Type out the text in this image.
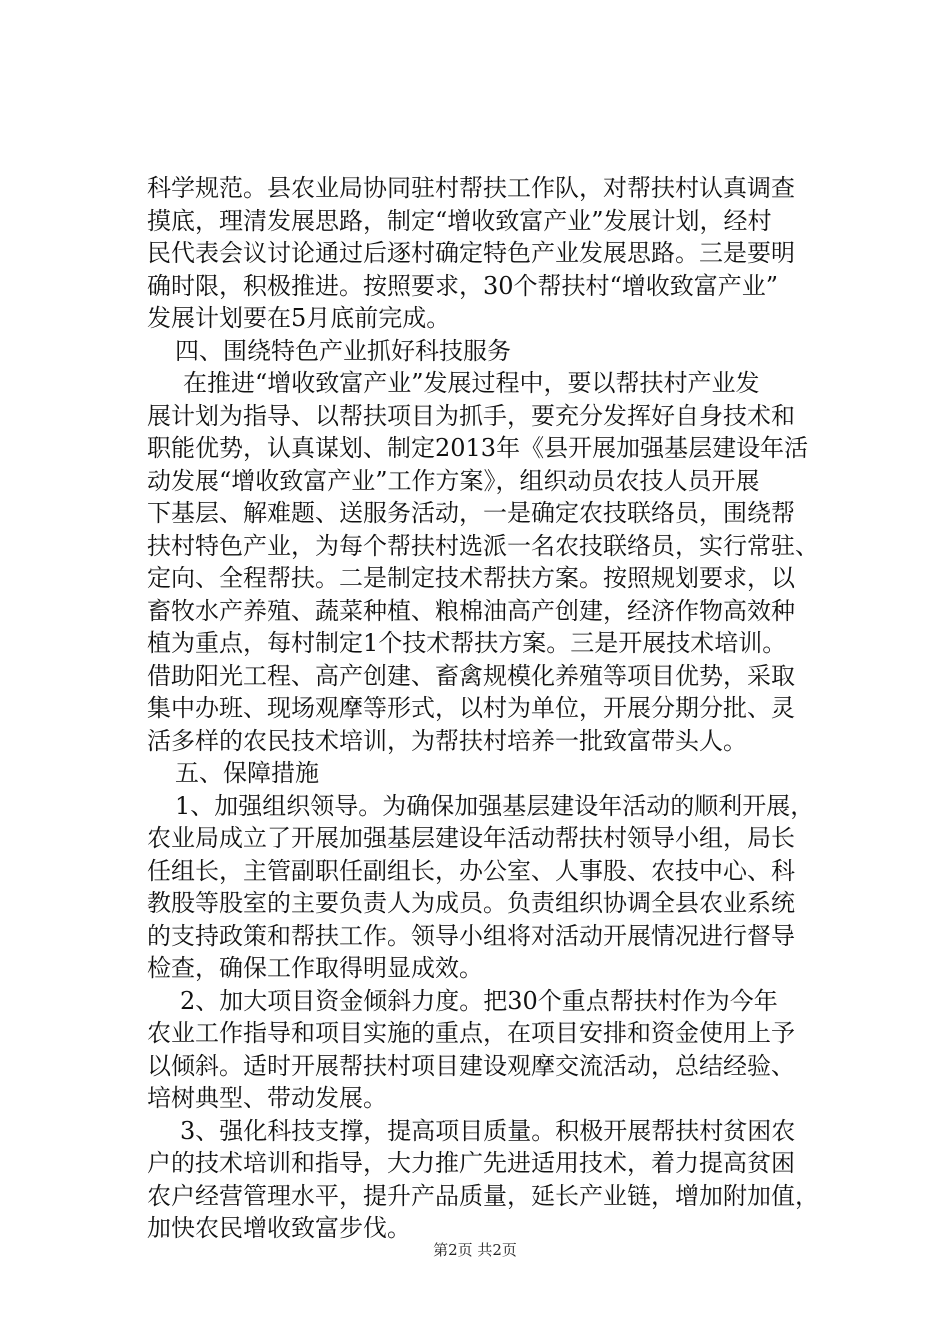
科学规范。县农业局协同驻村帮扶工作队，对帮扶村认真调查
摸底，理清发展思路，制定“增收致富产业”发展计划，经村
民代表会议讨论通过后逐村确定特色产业发展思路。三是要明
确时限，积极推进。按照要求，30个帮扶村“增收致富产业”
发展计划要在5月底前完成。
四、围绕特色产业抓好科技服务
在推进“增收致富产业”发展过程中，要以帮扶村产业发
展计划为指导、以帮扶项目为抓手，要充分发挥好自身技术和
职能优势，认真谋划、制定2013年《县开展加强基层建设年活
动发展“增收致富产业”工作方案》，组织动员农技人员开展
下基层、解难题、送服务活动，一是确定农技联络员，围绕帮
扶村特色产业，为每个帮扶村选派一名农技联络员，实行常驻、
定向、全程帮扶。二是制定技术帮扶方案。按照规划要求，以
畜牧水产养殖、蔬菜种植、粮棉油高产创建，经济作物高效种
植为重点，每村制定1个技术帮扶方案。三是开展技术培训。
借助阳光工程、高产创建、畜禽规模化养殖等项目优势，采取
集中办班、现场观摩等形式，以村为单位，开展分期分批、灵
活多样的农民技术培训，为帮扶村培养一批致富带头人。
五、保障措施
1、加强组织领导。为确保加强基层建设年活动的顺利开展，
农业局成立了开展加强基层建设年活动帮扶村领导小组，局长
任组长，主管副职任副组长，办公室、人事股、农技中心、科
教股等股室的主要负责人为成员。负责组织协调全县农业系统
的支持政策和帮扶工作。领导小组将对活动开展情况进行督导
检查，确保工作取得明显成效。
2、加大项目资金倾斜力度。把30个重点帮扶村作为今年
农业工作指导和项目实施的重点，在项目安排和资金使用上予
以倾斜。适时开展帮扶村项目建设观摩交流活动，总结经验、
培树典型、带动发展。
3、强化科技支撑，提高项目质量。积极开展帮扶村贫困农
户的技术培训和指导，大力推广先进适用技术，着力提高贫困
农户经营管理水平，提升产品质量，延长产业链，增加附加值，
加快农民增收致富步伐。
第2页 共2页
